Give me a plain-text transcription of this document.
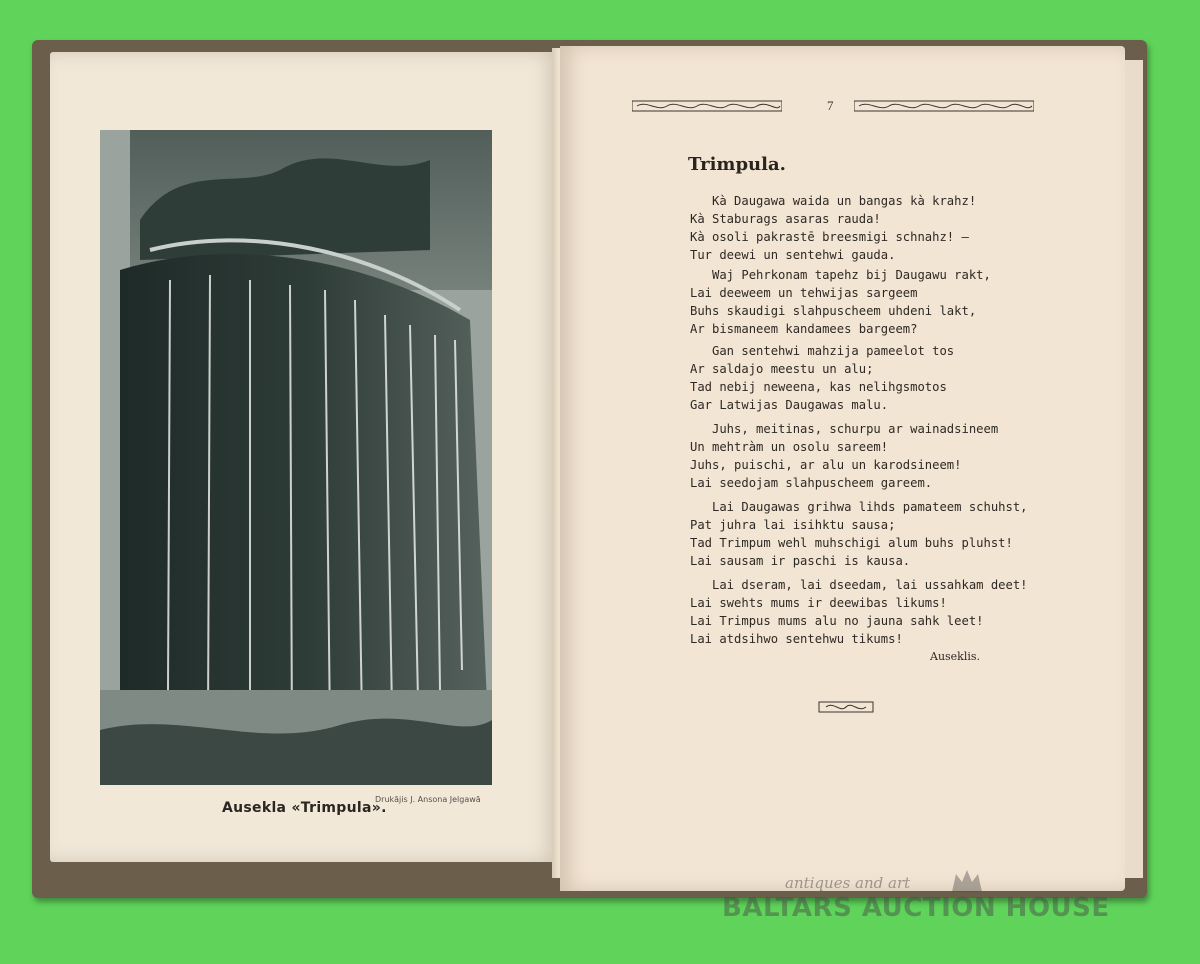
Ausekla «Trimpula».
Drukājis J. Ansona Jelgawā
7
Trimpula.
Kà Daugawa waida un bangas kà krahz!
Kà Staburags asaras rauda!
Kà osoli pakrastē breesmigi schnahz! —
Tur deewi un sentehwi gauda.
Waj Pehrkonam tapehz bij Daugawu rakt,
Lai deeweem un tehwijas sargeem
Buhs skaudigi slahpuscheem uhdeni lakt,
Ar bismaneem kandamees bargeem?
Gan sentehwi mahzija pameelot tos
Ar saldajo meestu un alu;
Tad nebij neweena, kas nelihgsmotos
Gar Latwijas Daugawas malu.
Juhs, meitinas, schurpu ar wainadsineem
Un mehtràm un osolu sareem!
Juhs, puischi, ar alu un karodsineem!
Lai seedojam slahpuscheem gareem.
Lai Daugawas grihwa lihds pamateem schuhst,
Pat juhra lai isihktu sausa;
Tad Trimpum wehl muhschigi alum buhs pluhst!
Lai sausam ir paschi is kausa.
Lai dseram, lai dseedam, lai ussahkam deet!
Lai swehts mums ir deewibas likums!
Lai Trimpus mums alu no jauna sahk leet!
Lai atdsihwo sentehwu tikums!
Auseklis.
antiques and art
BALTARS AUCTION HOUSE
